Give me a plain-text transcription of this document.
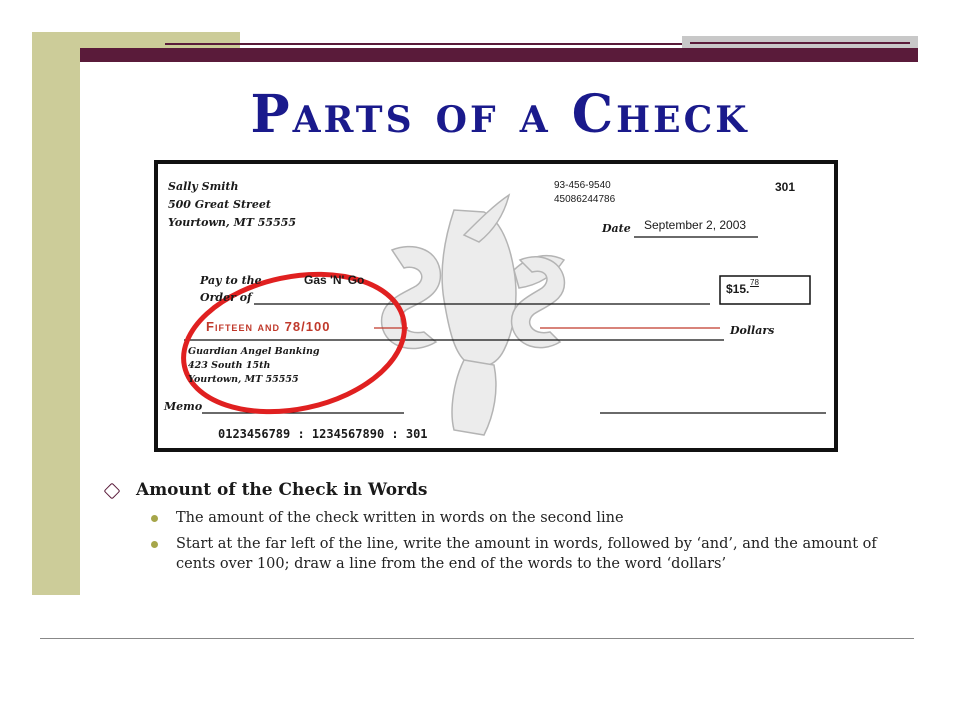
Parts of a Check
Sally Smith
500 Great Street
Yourtown, MT 55555
93-456-9540
45086244786
301
Date September 2, 2003
Pay to the
Order of
Gas 'N' Go
$15. 78
Fifteen and 78/100	Dollars
Guardian Angel Banking
423 South 15th
Yourtown, MT 55555
Memo
0123456789 : 1234567890 : 301
Amount of the Check in Words
The amount of the check written in words on the second line
Start at the far left of the line, write the amount in words, followed by ‘and’, and the amount of cents over 100; draw a line from the end of the words to the word ‘dollars’
